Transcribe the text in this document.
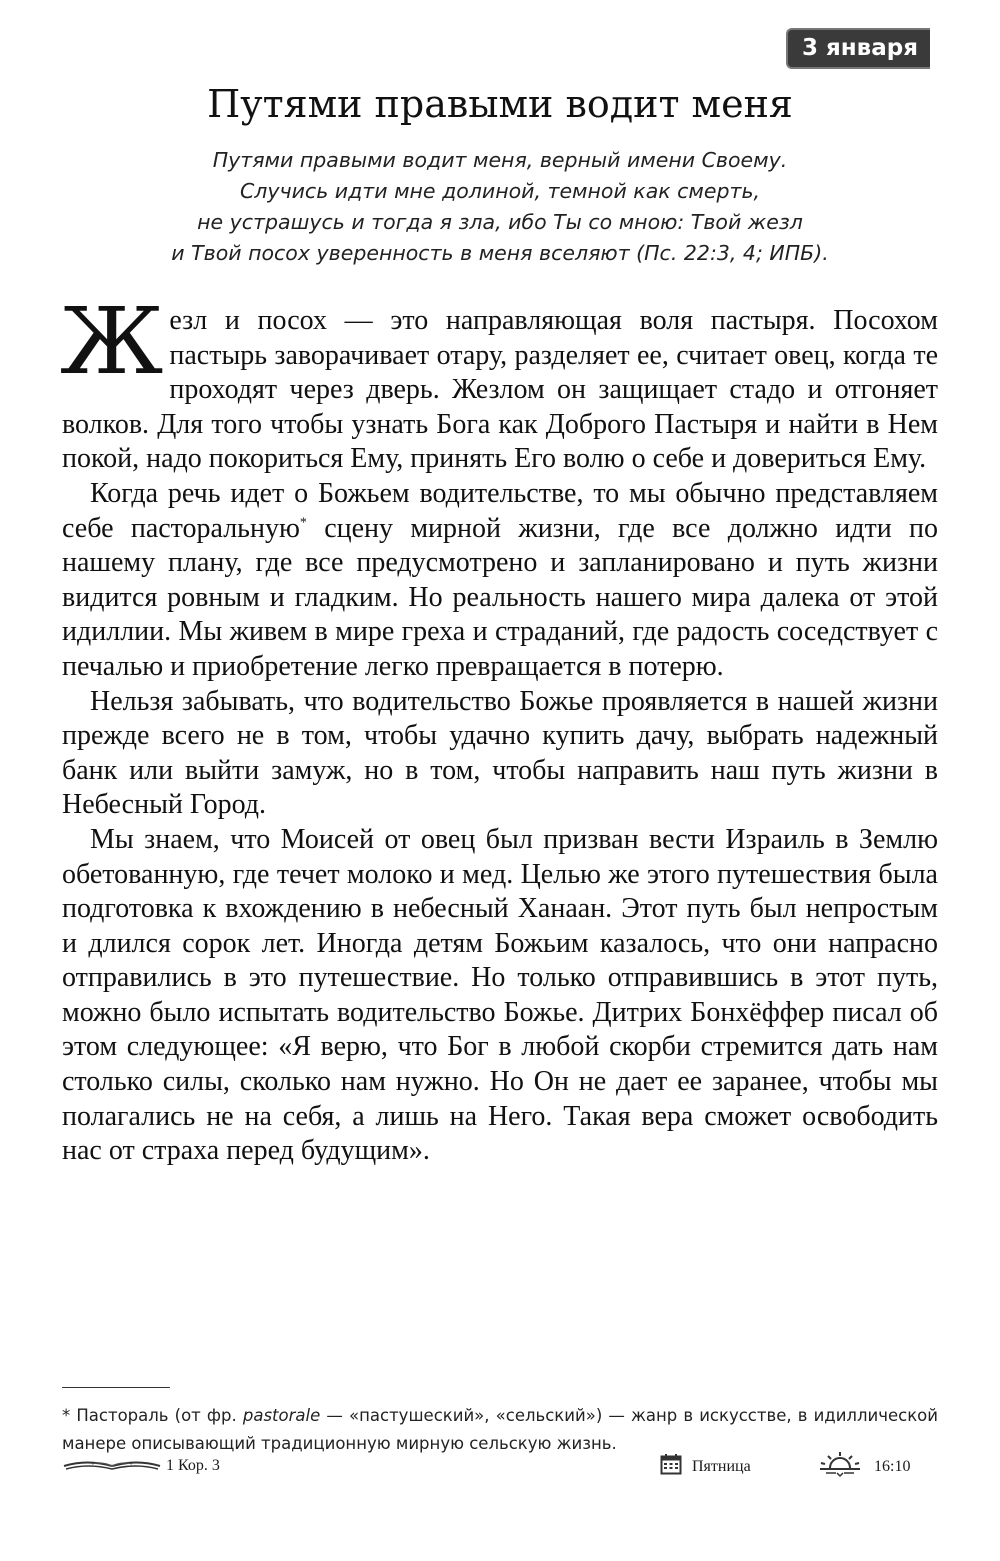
3 января
Путями правыми водит меня
Путями правыми водит меня, верный имени Своему.
Случись идти мне долиной, темной как смерть,
не устрашусь и тогда я зла, ибо Ты со мною: Твой жезл
и Твой посох уверенность в меня вселяют (Пс. 22:3, 4; ИПБ).

Жезл и посох — это направляющая воля пастыря. Посохом пастырь заворачивает отару, разделяет ее, считает овец, когда те проходят через дверь. Жезлом он защищает стадо и отгоняет волков. Для того чтобы узнать Бога как Доброго Пастыря и найти в Нем покой, надо покориться Ему, принять Его волю о себе и довериться Ему.

Когда речь идет о Божьем водительстве, то мы обычно представляем себе пасторальную* сцену мирной жизни, где все должно идти по нашему плану, где все предусмотрено и запланировано и путь жизни видится ровным и гладким. Но реальность нашего мира далека от этой идиллии. Мы живем в мире греха и страданий, где радость соседствует с печалью и приобретение легко превращается в потерю.

Нельзя забывать, что водительство Божье проявляется в нашей жизни прежде всего не в том, чтобы удачно купить дачу, выбрать надежный банк или выйти замуж, но в том, чтобы направить наш путь жизни в Небесный Город.

Мы знаем, что Моисей от овец был призван вести Израиль в Землю обетованную, где течет молоко и мед. Целью же этого путешествия была подготовка к вхождению в небесный Ханаан. Этот путь был непростым и длился сорок лет. Иногда детям Божьим казалось, что они напрасно отправились в это путешествие. Но только отправившись в этот путь, можно было испытать водительство Божье. Дитрих Бонхёффер писал об этом следующее: «Я верю, что Бог в любой скорби стремится дать нам столько силы, сколько нам нужно. Но Он не дает ее заранее, чтобы мы полагались не на себя, а лишь на Него. Такая вера сможет освободить нас от страха перед будущим».

* Пастораль (от фр. pastorale — «пастушеский», «сельский») — жанр в искусстве, в идиллической манере описывающий традиционную мирную сельскую жизнь.
1 Кор. 3	Пятница	16:10
